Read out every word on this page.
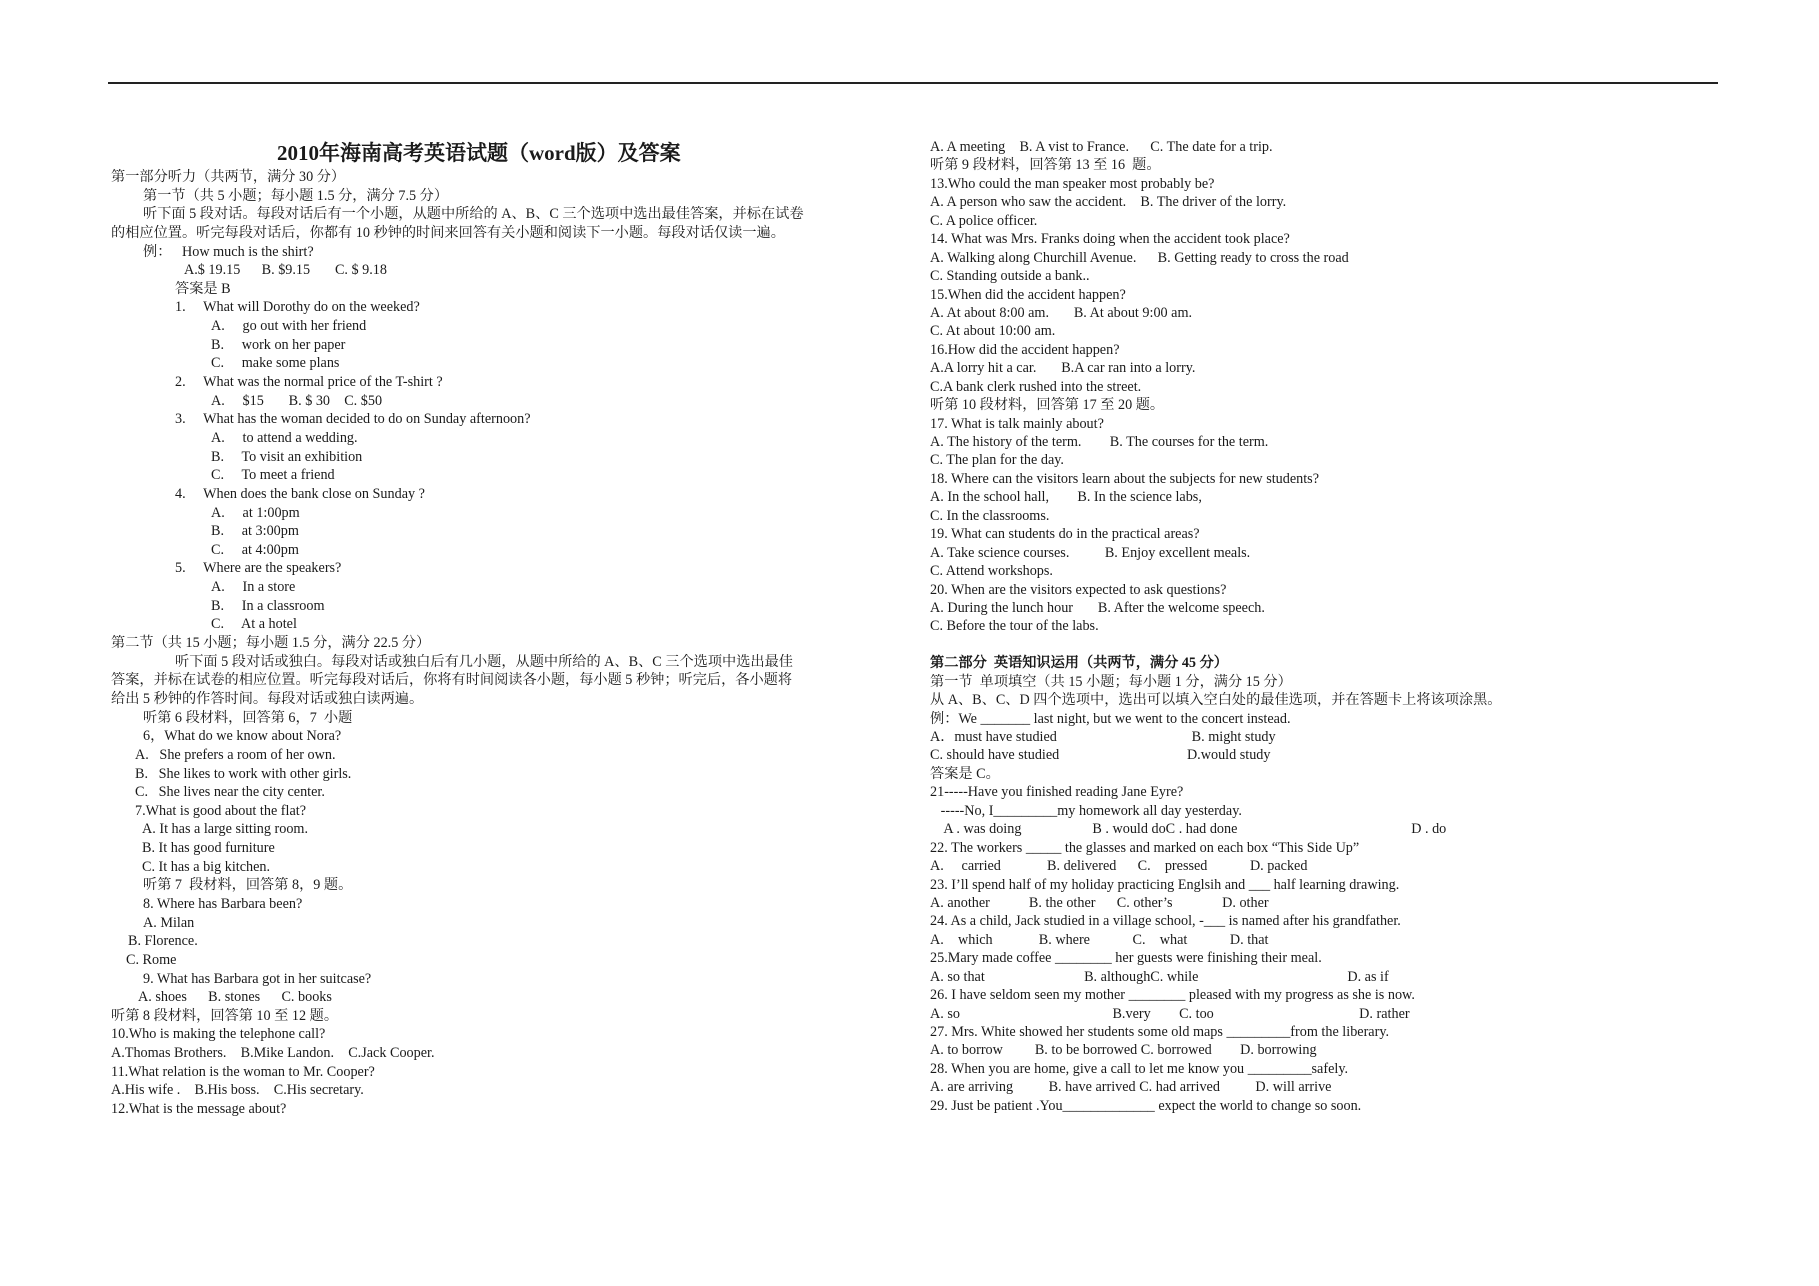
2010年海南高考英语试题（word版）及答案
第一部分听力（共两节，满分 30 分）
第一节（共 5 小题；每小题 1.5 分，满分 7.5 分）
听下面 5 段对话。每段对话后有一个小题，从题中所给的 A、B、C 三个选项中选出最佳答案，并标在试卷
的相应位置。听完每段对话后，你都有 10 秒钟的时间来回答有关小题和阅读下一小题。每段对话仅读一遍。
例：   How much is the shirt?
A.$ 19.15      B. $9.15       C. $ 9.18
答案是 B
1.     What will Dorothy do on the weeked?
A.     go out with her friend
B.     work on her paper
C.     make some plans
2.     What was the normal price of the T-shirt ?
A.     $15       B. $ 30    C. $50
3.     What has the woman decided to do on Sunday afternoon?
A.     to attend a wedding.
B.     To visit an exhibition
C.     To meet a friend
4.     When does the bank close on Sunday ?
A.     at 1:00pm
B.     at 3:00pm
C.     at 4:00pm
5.     Where are the speakers?
A.     In a store
B.     In a classroom
C.     At a hotel
第二节（共 15 小题；每小题 1.5 分，满分 22.5 分）
听下面 5 段对话或独白。每段对话或独白后有几小题，从题中所给的 A、B、C 三个选项中选出最佳
答案，并标在试卷的相应位置。听完每段对话后，你将有时间阅读各小题，每小题 5 秒钟；听完后，各小题将
给出 5 秒钟的作答时间。每段对话或独白读两遍。
听第 6 段材料，回答第 6，7  小题
6，What do we know about Nora?
A.   She prefers a room of her own.
B.   She likes to work with other girls.
C.   She lives near the city center.
7.What is good about the flat?
A. It has a large sitting room.
B. It has good furniture
C. It has a big kitchen.
听第 7  段材料，回答第 8，9 题。
8. Where has Barbara been?
A. Milan
B. Florence.
C. Rome
9. What has Barbara got in her suitcase?
A. shoes      B. stones      C. books
听第 8 段材料，回答第 10 至 12 题。
10.Who is making the telephone call?
A.Thomas Brothers.    B.Mike Landon.    C.Jack Cooper.
11.What relation is the woman to Mr. Cooper?
A.His wife .    B.His boss.    C.His secretary.
12.What is the message about?
A. A meeting    B. A vist to France.      C. The date for a trip.
听第 9 段材料，回答第 13 至 16  题。
13.Who could the man speaker most probably be?
A. A person who saw the accident.    B. The driver of the lorry.
C. A police officer.
14. What was Mrs. Franks doing when the accident took place?
A. Walking along Churchill Avenue.      B. Getting ready to cross the road
C. Standing outside a bank..
15.When did the accident happen?
A. At about 8:00 am.       B. At about 9:00 am.
C. At about 10:00 am.
16.How did the accident happen?
A.A lorry hit a car.       B.A car ran into a lorry.
C.A bank clerk rushed into the street.
听第 10 段材料，回答第 17 至 20 题。
17. What is talk mainly about?
A. The history of the term.        B. The courses for the term.
C. The plan for the day.
18. Where can the visitors learn about the subjects for new students?
A. In the school hall,        B. In the science labs,
C. In the classrooms.
19. What can students do in the practical areas?
A. Take science courses.          B. Enjoy excellent meals.
C. Attend workshops.
20. When are the visitors expected to ask questions?
A. During the lunch hour       B. After the welcome speech.
C. Before the tour of the labs.
第二部分  英语知识运用（共两节，满分 45 分）
第一节  单项填空（共 15 小题；每小题 1 分，满分 15 分）
从 A、B、C、D 四个选项中，选出可以填入空白处的最佳选项，并在答题卡上将该项涂黑。
例：We _______ last night, but we went to the concert instead.
A．must have studied                                      B. might study
C. should have studied                                    D.would study
答案是 C。
21-----Have you finished reading Jane Eyre?
-----No, I_________my homework all day yesterday.
A . was doing                    B . would doC . had done                                                 D . do
22. The workers _____ the glasses and marked on each box “This Side Up”
A.     carried             B. delivered      C.    pressed            D. packed
23. I’ll spend half of my holiday practicing Englsih and ___ half learning drawing.
A. another           B. the other      C. other’s              D. other
24. As a child, Jack studied in a village school, -___ is named after his grandfather.
A.    which             B. where            C.    what            D. that
25.Mary made coffee ________ her guests were finishing their meal.
A. so that                            B. althoughC. while                                          D. as if
26. I have seldom seen my mother ________ pleased with my progress as she is now.
A. so                                           B.very        C. too                                         D. rather
27. Mrs. White showed her students some old maps _________from the liberary.
A. to borrow         B. to be borrowed C. borrowed        D. borrowing
28. When you are home, give a call to let me know you _________safely.
A. are arriving          B. have arrived C. had arrived          D. will arrive
29. Just be patient .You_____________ expect the world to change so soon.
